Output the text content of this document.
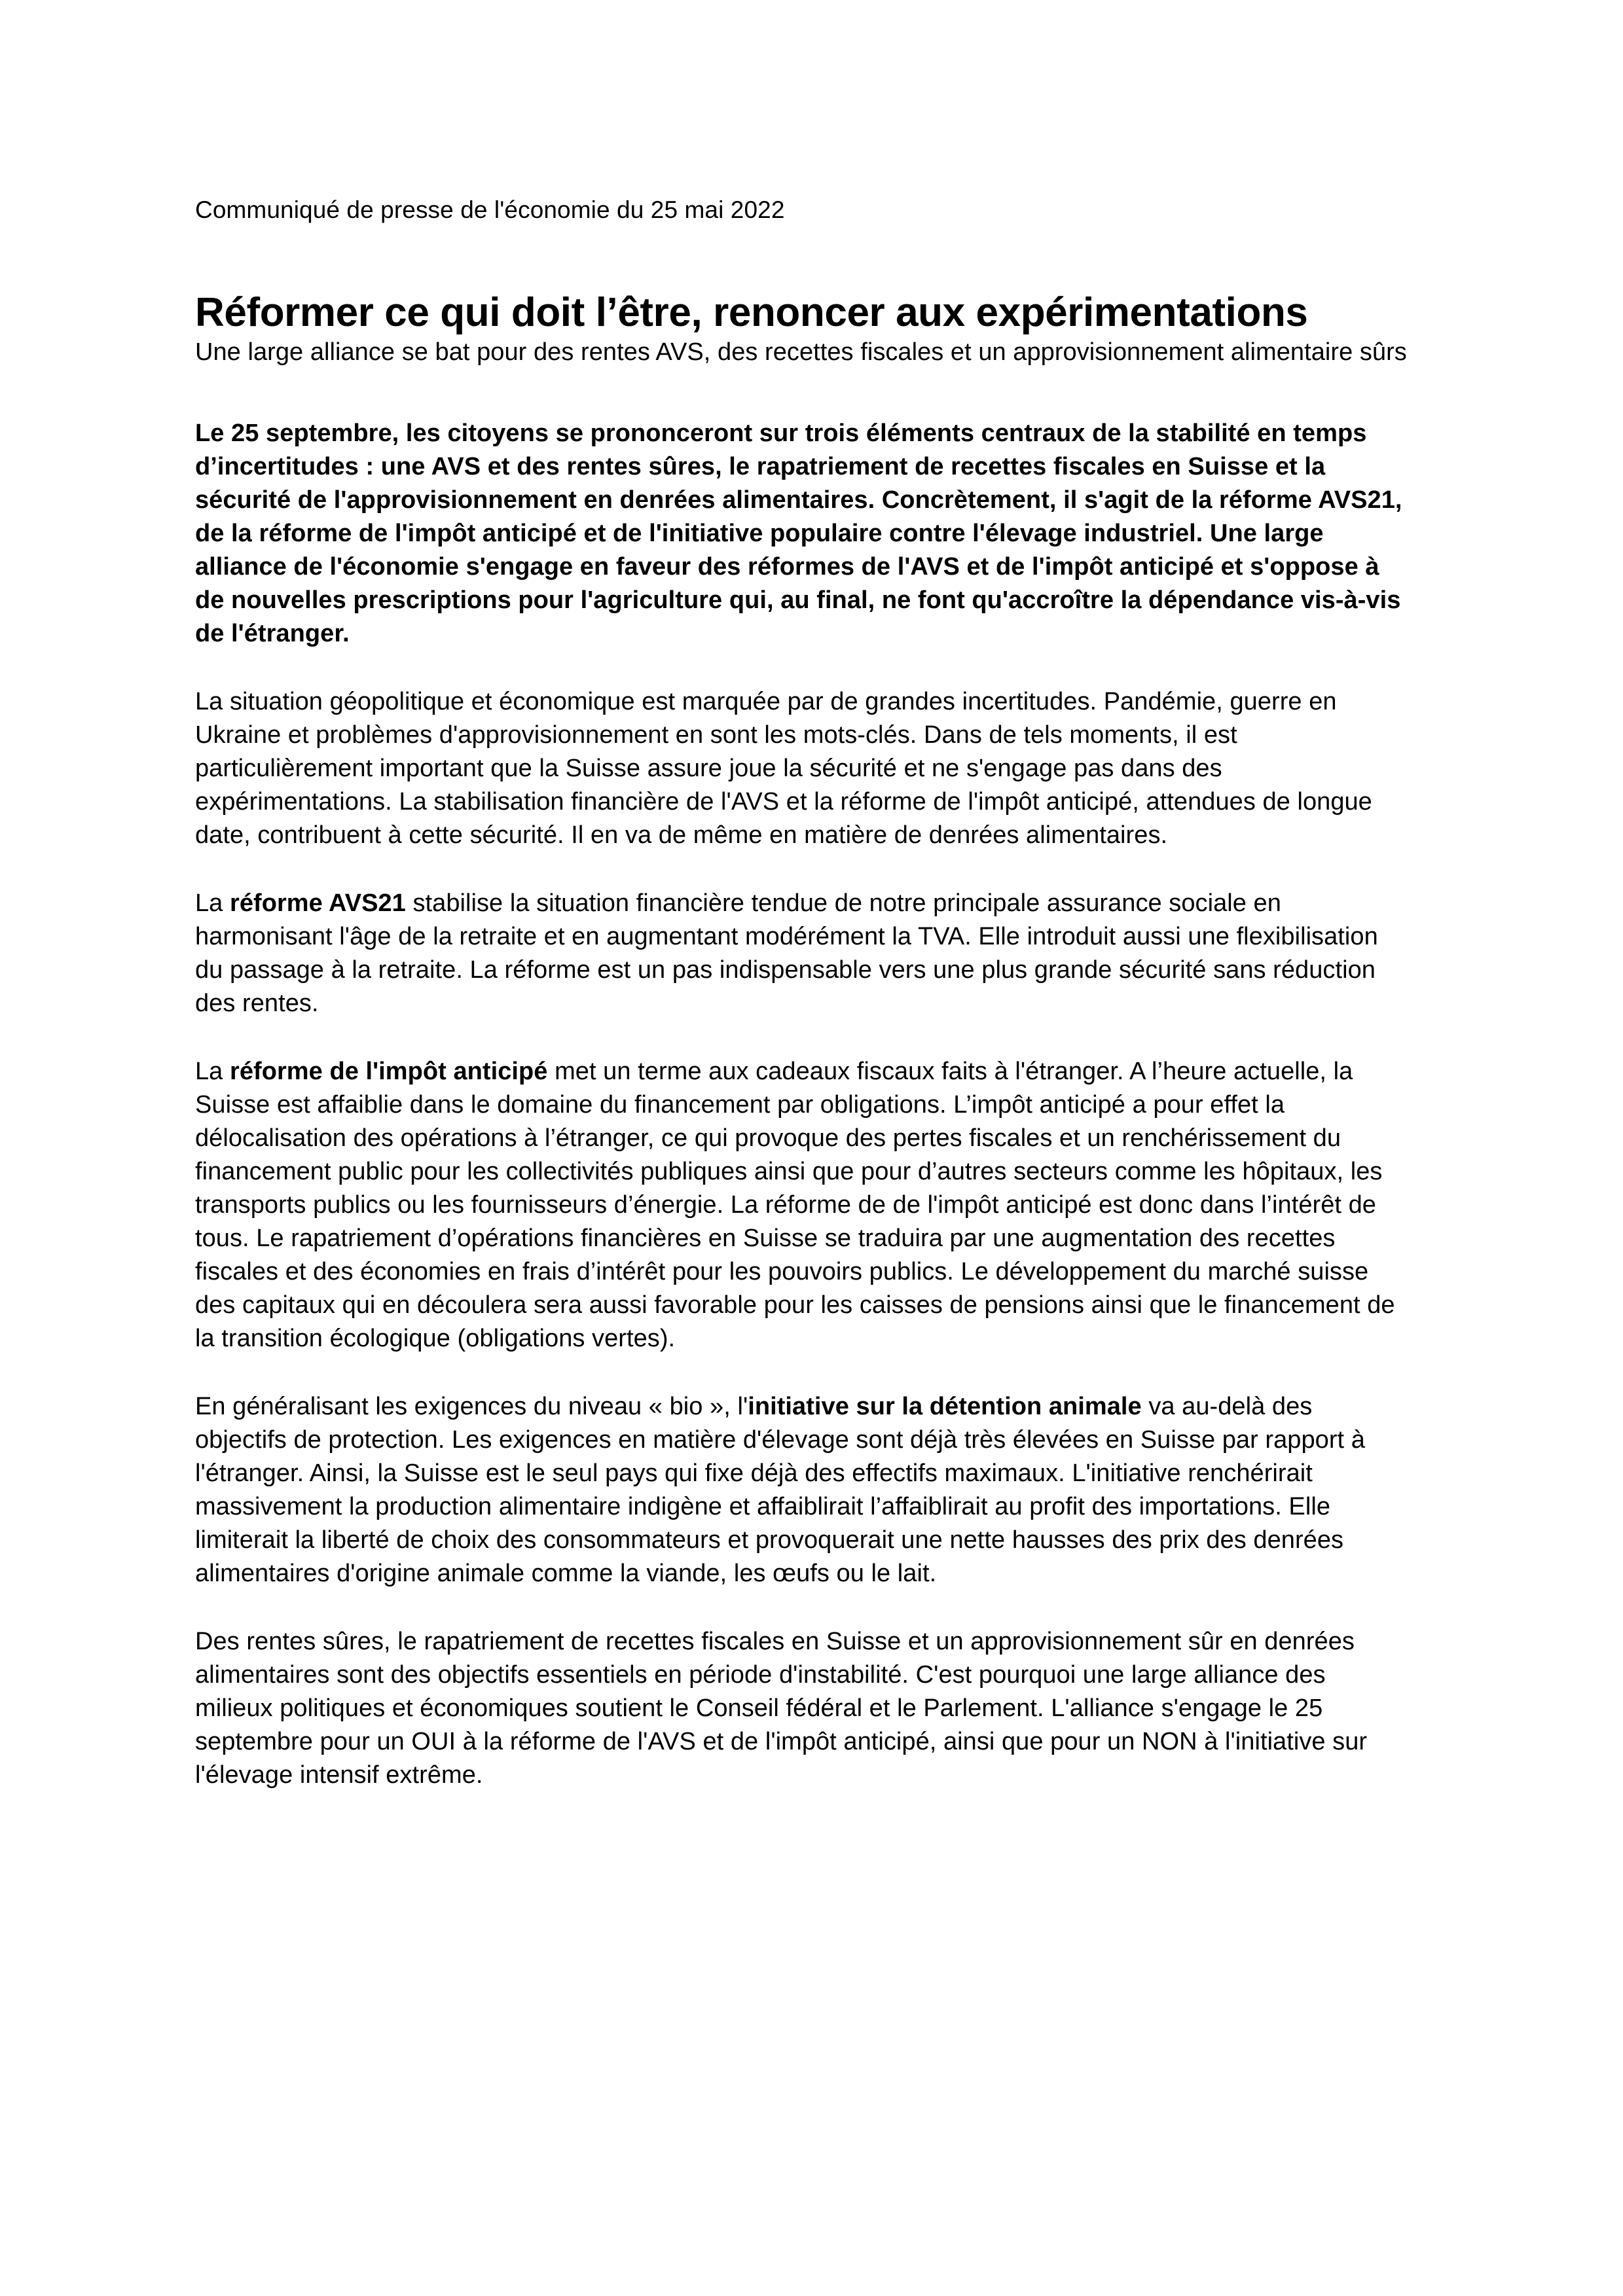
Communiqué de presse de l'économie du 25 mai 2022

Réformer ce qui doit l’être, renoncer aux expérimentations

Une large alliance se bat pour des rentes AVS, des recettes fiscales et un approvisionnement alimentaire sûrs

Le 25 septembre, les citoyens se prononceront sur trois éléments centraux de la stabilité en temps d’incertitudes : une AVS et des rentes sûres, le rapatriement de recettes fiscales en Suisse et la sécurité de l'approvisionnement en denrées alimentaires. Concrètement, il s'agit de la réforme AVS21, de la réforme de l'impôt anticipé et de l'initiative populaire contre l'élevage industriel. Une large alliance de l'économie s'engage en faveur des réformes de l'AVS et de l'impôt anticipé et s'oppose à de nouvelles prescriptions pour l'agriculture qui, au final, ne font qu'accroître la dépendance vis-à-vis de l'étranger.

La situation géopolitique et économique est marquée par de grandes incertitudes. Pandémie, guerre en Ukraine et problèmes d'approvisionnement en sont les mots-clés. Dans de tels moments, il est particulièrement important que la Suisse assure joue la sécurité et ne s'engage pas dans des expérimentations. La stabilisation financière de l'AVS et la réforme de l'impôt anticipé, attendues de longue date, contribuent à cette sécurité. Il en va de même en matière de denrées alimentaires.

La réforme AVS21 stabilise la situation financière tendue de notre principale assurance sociale en harmonisant l'âge de la retraite et en augmentant modérément la TVA. Elle introduit aussi une flexibilisation du passage à la retraite. La réforme est un pas indispensable vers une plus grande sécurité sans réduction des rentes.

La réforme de l'impôt anticipé met un terme aux cadeaux fiscaux faits à l'étranger. A l’heure actuelle, la Suisse est affaiblie dans le domaine du financement par obligations. L’impôt anticipé a pour effet la délocalisation des opérations à l’étranger, ce qui provoque des pertes fiscales et un renchérissement du financement public pour les collectivités publiques ainsi que pour d’autres secteurs comme les hôpitaux, les transports publics ou les fournisseurs d’énergie. La réforme de de l'impôt anticipé est donc dans l’intérêt de tous. Le rapatriement d’opérations financières en Suisse se traduira par une augmentation des recettes fiscales et des économies en frais d’intérêt pour les pouvoirs publics. Le développement du marché suisse des capitaux qui en découlera sera aussi favorable pour les caisses de pensions ainsi que le financement de la transition écologique (obligations vertes).

En généralisant les exigences du niveau « bio », l'initiative sur la détention animale va au-delà des objectifs de protection. Les exigences en matière d'élevage sont déjà très élevées en Suisse par rapport à l'étranger. Ainsi, la Suisse est le seul pays qui fixe déjà des effectifs maximaux. L'initiative renchérirait massivement la production alimentaire indigène et affaiblirait l’affaiblirait au profit des importations. Elle limiterait la liberté de choix des consommateurs et provoquerait une nette hausses des prix des denrées alimentaires d'origine animale comme la viande, les œufs ou le lait.

Des rentes sûres, le rapatriement de recettes fiscales en Suisse et un approvisionnement sûr en denrées alimentaires sont des objectifs essentiels en période d'instabilité. C'est pourquoi une large alliance des milieux politiques et économiques soutient le Conseil fédéral et le Parlement. L'alliance s'engage le 25 septembre pour un OUI à la réforme de l'AVS et de l'impôt anticipé, ainsi que pour un NON à l'initiative sur l'élevage intensif extrême.
